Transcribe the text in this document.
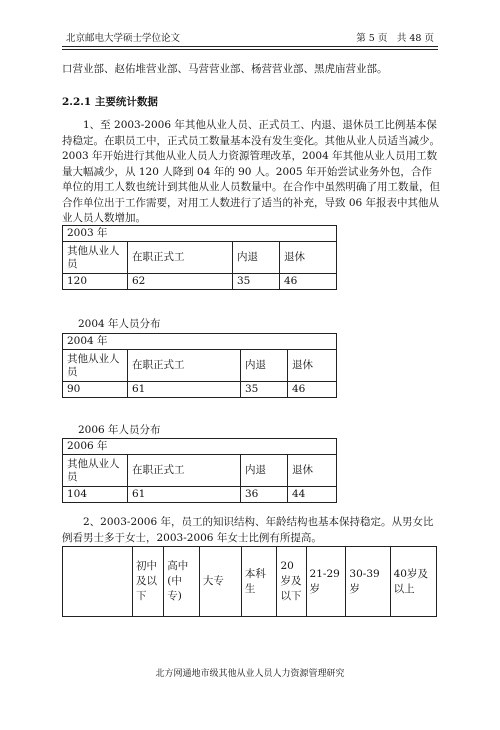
北京邮电大学硕士学位论文	第 5 页　共 48 页

口营业部、赵佑堆营业部、马营营业部、杨营营业部、黑虎庙营业部。

2.2.1 主要统计数据

1、至 2003-2006 年其他从业人员、正式员工、内退、退休员工比例基本保持稳定。在职员工中，正式员工数量基本没有发生变化。其他从业人员适当减少。2003 年开始进行其他从业人员人力资源管理改革，2004 年其他从业人员用工数量大幅减少，从 120 人降到 04 年的 90 人。2005 年开始尝试业务外包，合作单位的用工人数也统计到其他从业人员数量中。在合作中虽然明确了用工数量，但合作单位出于工作需要，对用工人数进行了适当的补充，导致 06 年报表中其他从业人员人数增加。

2003 年			
其他从业人员	在职正式工	内退	退休
120	62	35	46
2004 年人员分布
2004 年			
其他从业人员	在职正式工	内退	退休
90	61	35	46
2006 年人员分布
2006 年			
其他从业人员	在职正式工	内退	退休
104	61	36	44

2、2003-2006 年，员工的知识结构、年龄结构也基本保持稳定。从男女比例看男士多于女士，2003-2006 年女士比例有所提高。

	初中及以下	高中(中专)	大专	本科生	20岁及以下	21-29岁	30-39岁	40岁及以上
北方网通地市级其他从业人员人力资源管理研究
